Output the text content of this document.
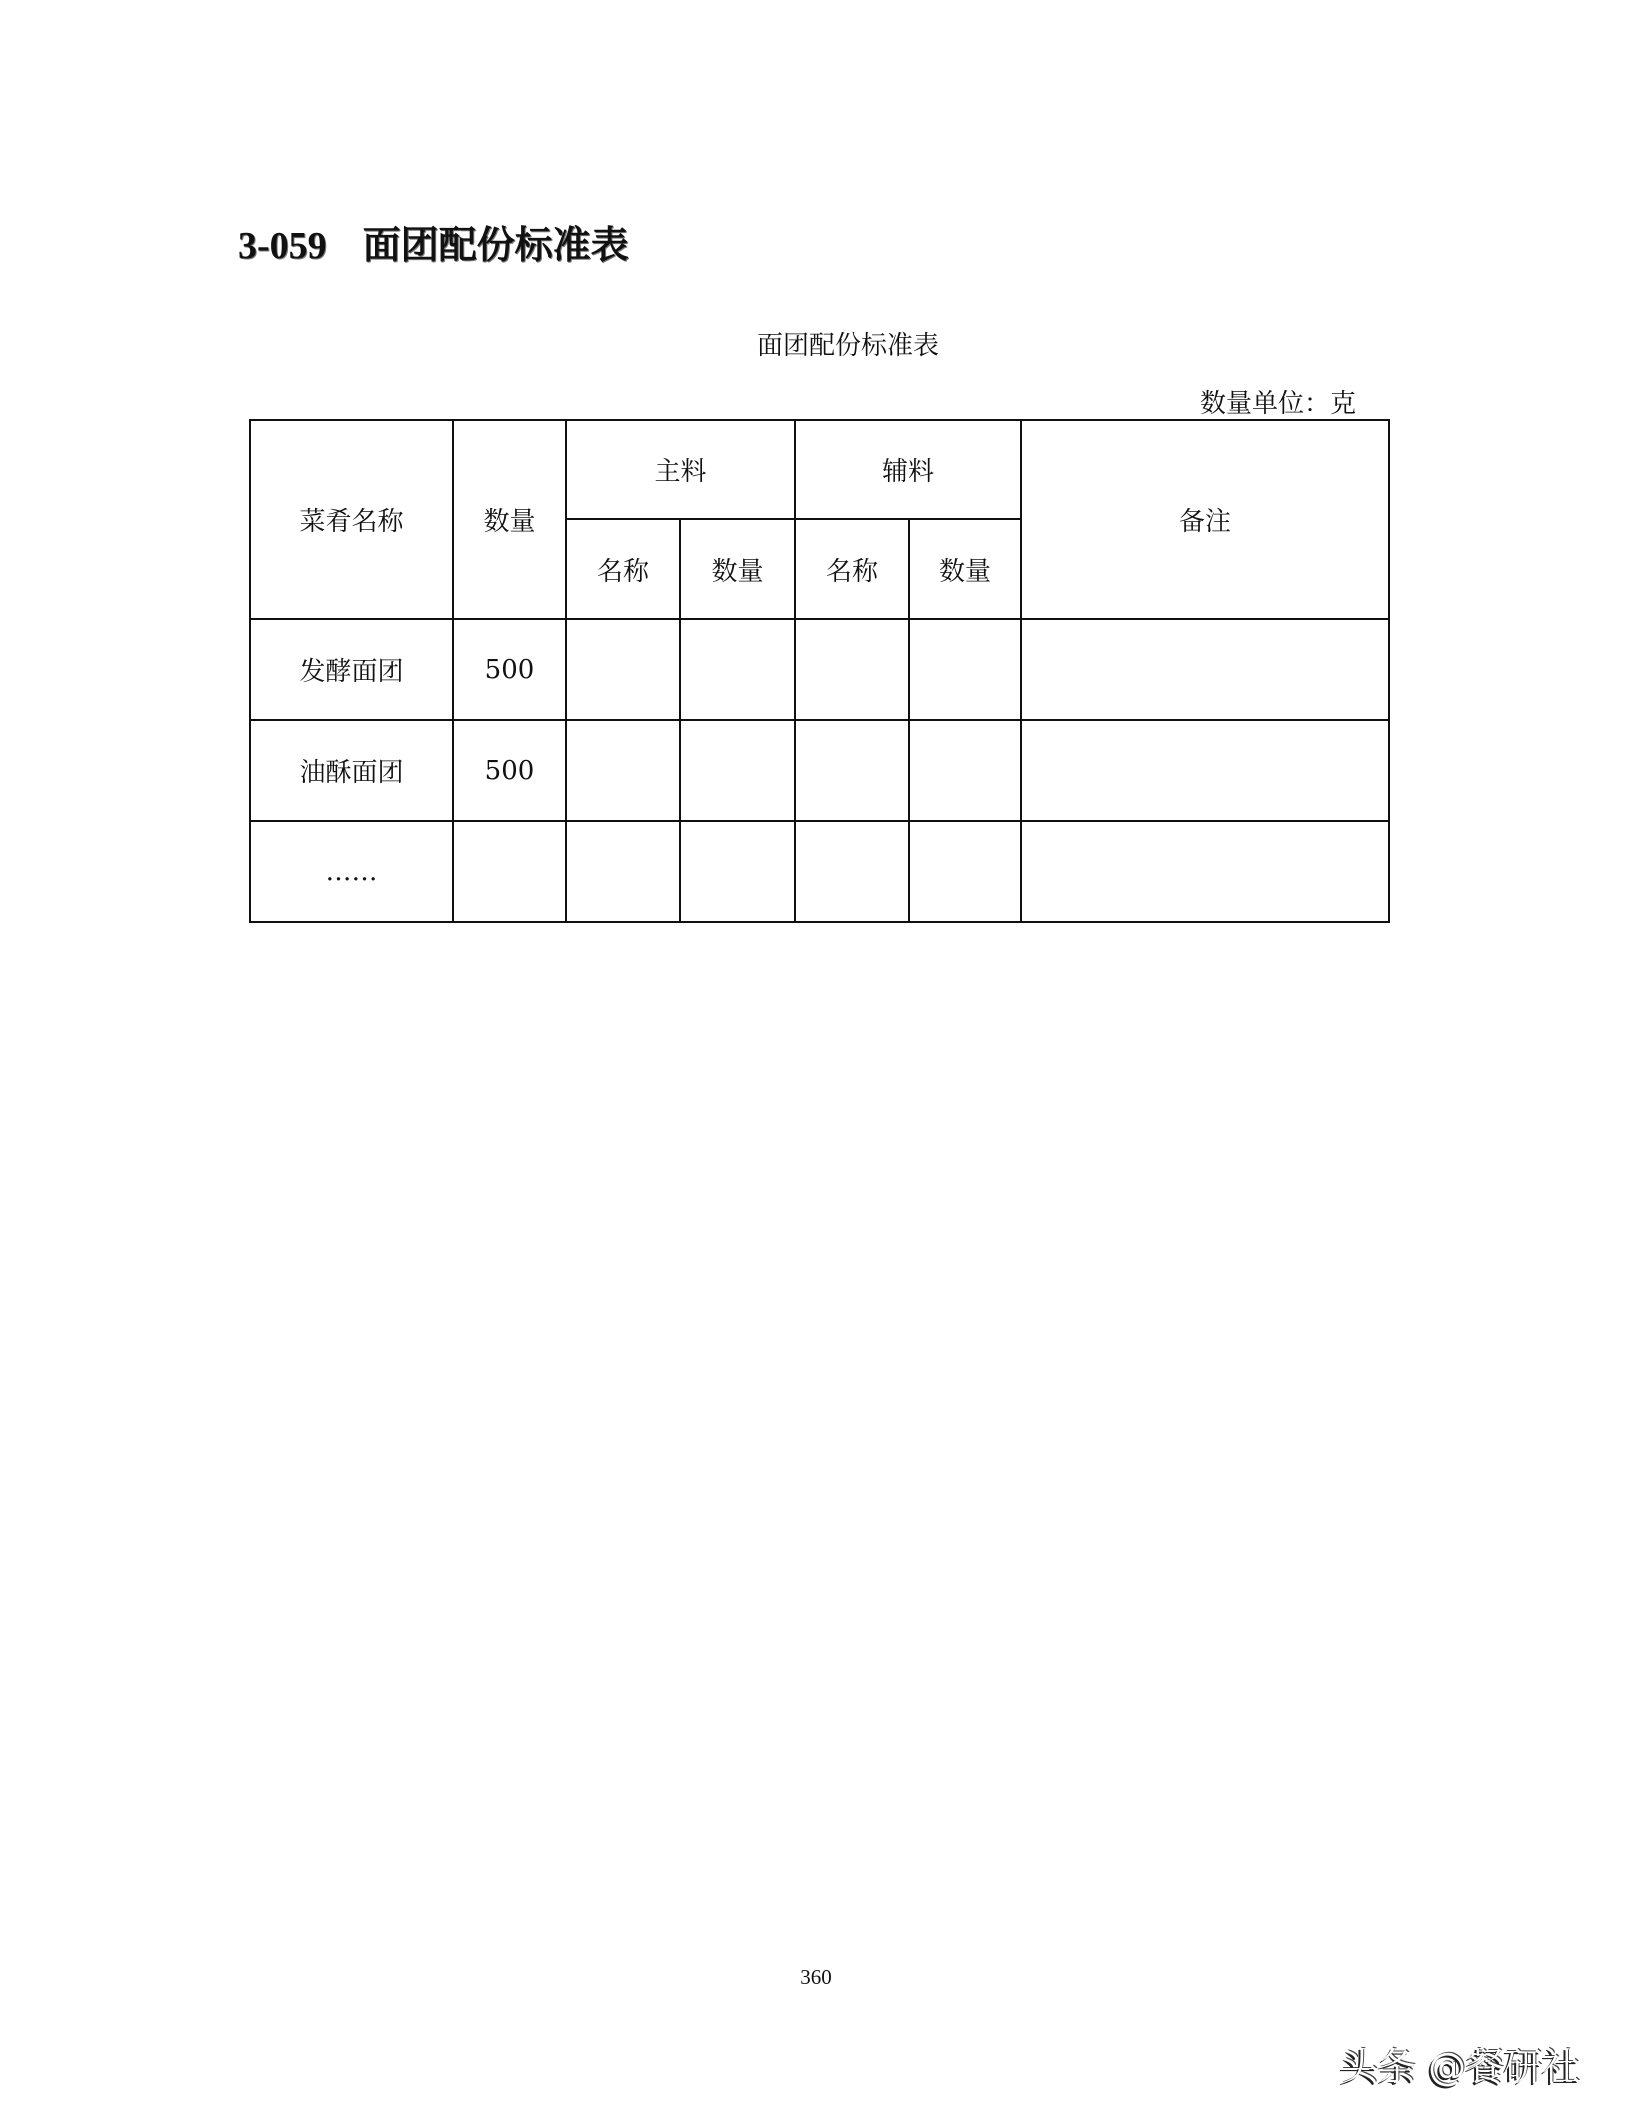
3-059 面团配份标准表
面团配份标准表
数量单位：克
菜肴名称	数量	主料		辅料		备注
		名称	数量	名称	数量	
发酵面团	500					
油酥面团	500					
……						
360
头条 @餐研社
